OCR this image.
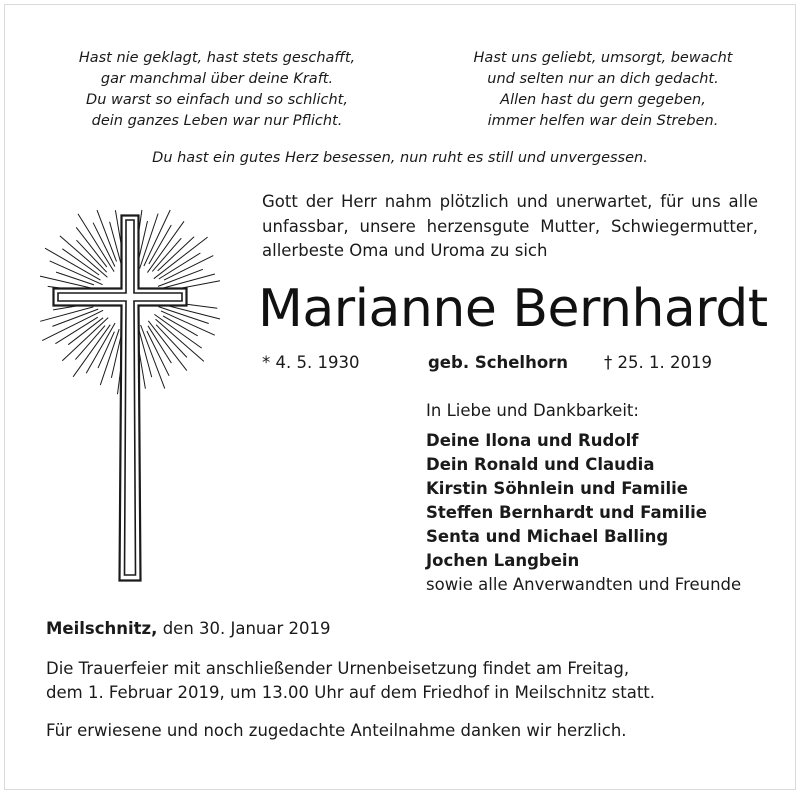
Hast nie geklagt, hast stets geschafft,
gar manchmal über deine Kraft.
Du warst so einfach und so schlicht,
dein ganzes Leben war nur Pflicht.
Hast uns geliebt, umsorgt, bewacht
und selten nur an dich gedacht.
Allen hast du gern gegeben,
immer helfen war dein Streben.
Du hast ein gutes Herz besessen, nun ruht es still und unvergessen.
Gott der Herr nahm plötzlich und unerwartet, für uns alle
unfassbar, unsere herzensgute Mutter, Schwiegermutter,
allerbeste Oma und Uroma zu sich
Marianne Bernhardt
* 4. 5. 1930	geb. Schelhorn † 25. 1. 2019
In Liebe und Dankbarkeit:
Deine Ilona und Rudolf
Dein Ronald und Claudia
Kirstin Söhnlein und Familie
Steffen Bernhardt und Familie
Senta und Michael Balling
Jochen Langbein
sowie alle Anverwandten und Freunde
Meilschnitz, den 30. Januar 2019
Die Trauerfeier mit anschließender Urnenbeisetzung findet am Freitag,
dem 1. Februar 2019, um 13.00 Uhr auf dem Friedhof in Meilschnitz statt.
Für erwiesene und noch zugedachte Anteilnahme danken wir herzlich.
